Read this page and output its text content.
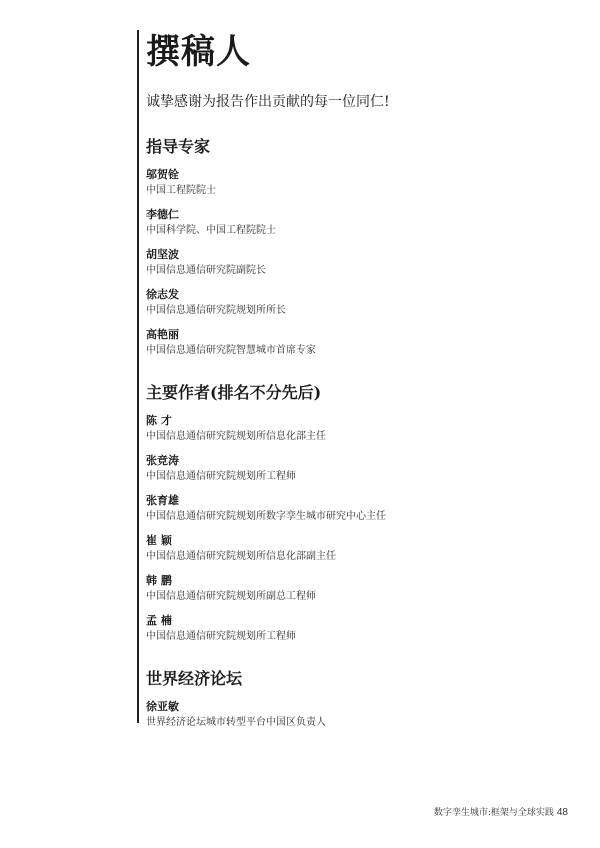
撰稿人
诚挚感谢为报告作出贡献的每一位同仁!
指导专家
邬贺铨
中国工程院院士
李德仁
中国科学院、中国工程院院士
胡坚波
中国信息通信研究院副院长
徐志发
中国信息通信研究院规划所所长
高艳丽
中国信息通信研究院智慧城市首席专家
主要作者(排名不分先后)
陈 才
中国信息通信研究院规划所信息化部主任
张竞涛
中国信息通信研究院规划所工程师
张育雄
中国信息通信研究院规划所数字孪生城市研究中心主任
崔 颖
中国信息通信研究院规划所信息化部副主任
韩 鹏
中国信息通信研究院规划所副总工程师
孟 楠
中国信息通信研究院规划所工程师
世界经济论坛
徐亚敏
世界经济论坛城市转型平台中国区负责人
数字孪生城市:框架与全球实践 48
